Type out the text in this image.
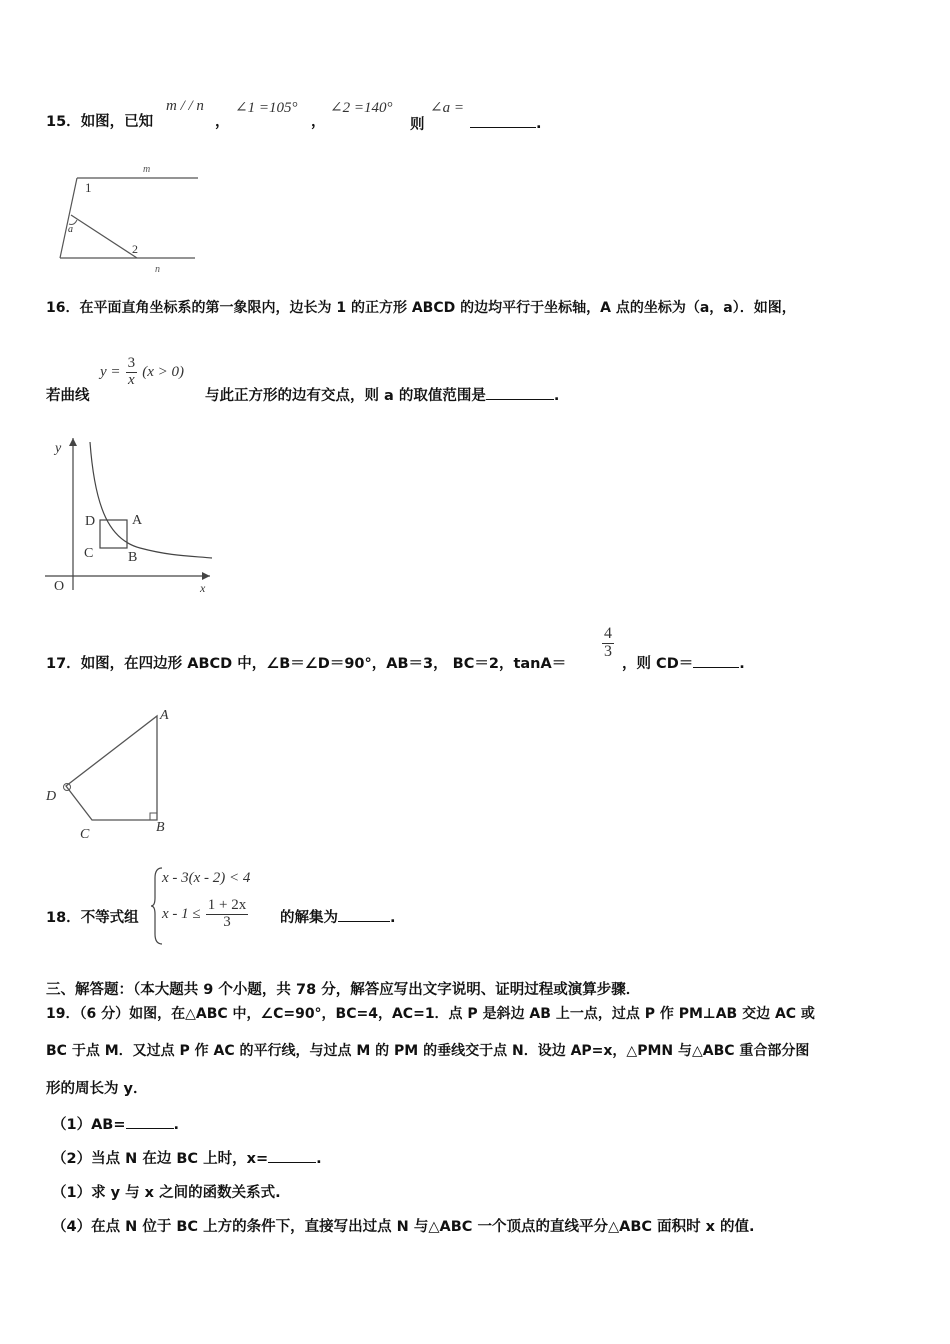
15．如图，已知
m / / n
，
∠1 =105°
，
∠2 =140°
则
∠a =
.
m
n
1
2
a
16．在平面直角坐标系的第一象限内，边长为 1 的正方形 ABCD 的边均平行于坐标轴，A 点的坐标为（a，a）．如图，
若曲线
$y = \frac{3}{x} (x > 0)$
与此正方形的边有交点，则 a 的取值范围是	.
y
x
O
A
B
C
D
17．如图，在四边形 ABCD 中，∠B＝∠D＝90°，AB＝3， BC＝2，tanA＝
$\frac{4}{3}$
，则 CD＝	.
A
B
C
D
18．不等式组
x - 3(x - 2) < 4
$x - 1 \le \frac{1 + 2x}{3}$ 的解集为	.
三、解答题：（本大题共 9 个小题，共 78 分，解答应写出文字说明、证明过程或演算步骤．
19．（6 分）如图，在△ABC 中，∠C=90°，BC=4，AC=1．点 P 是斜边 AB 上一点，过点 P 作 PM⊥AB 交边 AC 或
BC 于点 M．又过点 P 作 AC 的平行线，与过点 M 的 PM 的垂线交于点 N．设边 AP=x，△PMN 与△ABC 重合部分图
形的周长为 y．
（1）AB=	.
（2）当点 N 在边 BC 上时，x=	.
（1）求 y 与 x 之间的函数关系式.
（4）在点 N 位于 BC 上方的条件下，直接写出过点 N 与△ABC 一个顶点的直线平分△ABC 面积时 x 的值.
